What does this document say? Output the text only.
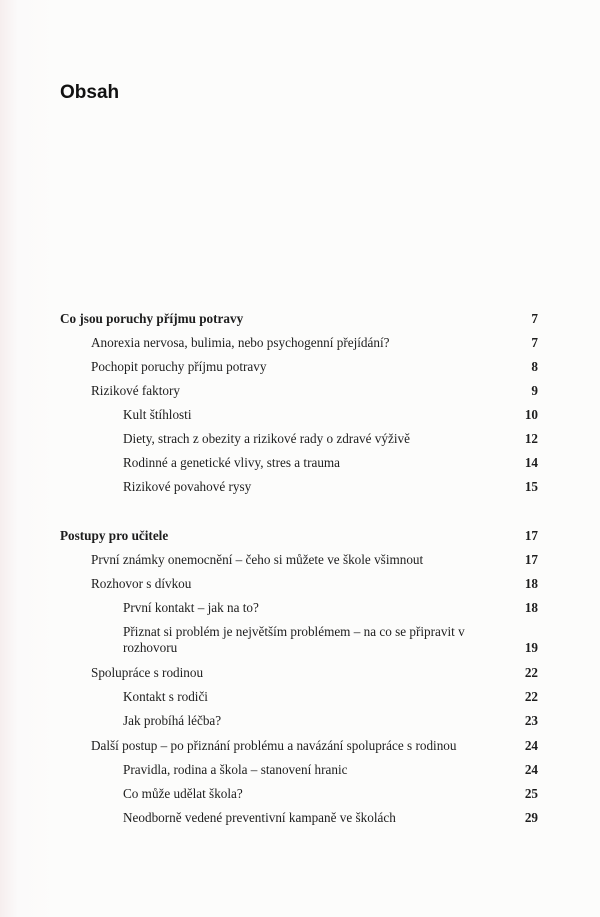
Obsah
Co jsou poruchy příjmu potravy	7
Anorexia nervosa, bulimia, nebo psychogenní přejídání?	7
Pochopit poruchy příjmu potravy	8
Rizikové faktory	9
Kult štíhlosti	10
Diety, strach z obezity a rizikové rady o zdravé výživě	12
Rodinné a genetické vlivy, stres a trauma	14
Rizikové povahové rysy	15
Postupy pro učitele	17
První známky onemocnění – čeho si můžete ve škole všimnout	17
Rozhovor s dívkou	18
První kontakt – jak na to?	18
Přiznat si problém je největším problémem – na co se připravit v rozhovoru	19
Spolupráce s rodinou	22
Kontakt s rodiči	22
Jak probíhá léčba?	23
Další postup – po přiznání problému a navázání spolupráce s rodinou	24
Pravidla, rodina a škola – stanovení hranic	24
Co může udělat škola?	25
Neodborně vedené preventivní kampaně ve školách	29
